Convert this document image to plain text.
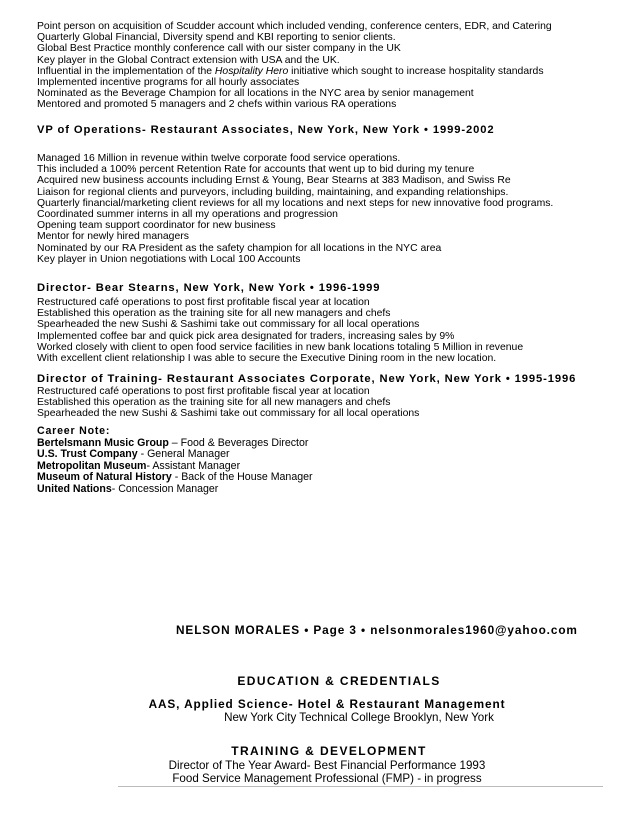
Point person on acquisition of Scudder account which included vending, conference centers, EDR, and Catering
Quarterly Global Financial, Diversity spend and KBI reporting to senior clients.
Global Best Practice monthly conference call with our sister company in the UK
Key player in the Global Contract extension with USA and the UK.
Influential in the implementation of the Hospitality Hero initiative which sought to increase hospitality standards
Implemented incentive programs for all hourly associates
Nominated as the Beverage Champion for all locations in the NYC area by senior management
Mentored and promoted 5 managers and 2 chefs within various RA operations
VP of Operations- Restaurant Associates, New York, New York • 1999-2002
Managed 16 Million in revenue within twelve corporate food service operations.
This included a 100% percent Retention Rate for accounts that went up to bid during my tenure
Acquired new business accounts including Ernst & Young, Bear Stearns at 383 Madison, and Swiss Re
Liaison for regional clients and purveyors, including building, maintaining, and expanding relationships.
Quarterly financial/marketing client reviews for all my locations and next steps for new innovative food programs.
Coordinated summer interns in all my operations and progression
Opening team support coordinator for new business
Mentor for newly hired managers
Nominated by our RA President as the safety champion for all locations in the NYC area
Key player in Union negotiations with Local 100 Accounts
Director- Bear Stearns, New York, New York • 1996-1999
Restructured café operations to post first profitable fiscal year at location
Established this operation as the training site for all new managers and chefs
Spearheaded the new Sushi & Sashimi take out commissary for all local operations
Implemented coffee bar and quick pick area designated for traders, increasing sales by 9%
Worked closely with client to open food service facilities in new bank locations totaling 5 Million in revenue
With excellent client relationship I was able to secure the Executive Dining room in the new location.
Director of Training- Restaurant Associates Corporate, New York, New York • 1995-1996
Restructured café operations to post first profitable fiscal year at location
Established this operation as the training site for all new managers and chefs
Spearheaded the new Sushi & Sashimi take out commissary for all local operations
Career Note:
Bertelsmann Music Group – Food & Beverages Director
U.S. Trust Company - General Manager
Metropolitan Museum- Assistant Manager
Museum of Natural History - Back of the House Manager
United Nations- Concession Manager
NELSON MORALES • Page 3 • nelsonmorales1960@yahoo.com
EDUCATION & CREDENTIALS
AAS, Applied Science- Hotel & Restaurant Management
New York City Technical College Brooklyn, New York
TRAINING & DEVELOPMENT
Director of The Year Award- Best Financial Performance 1993
Food Service Management Professional (FMP) - in progress
